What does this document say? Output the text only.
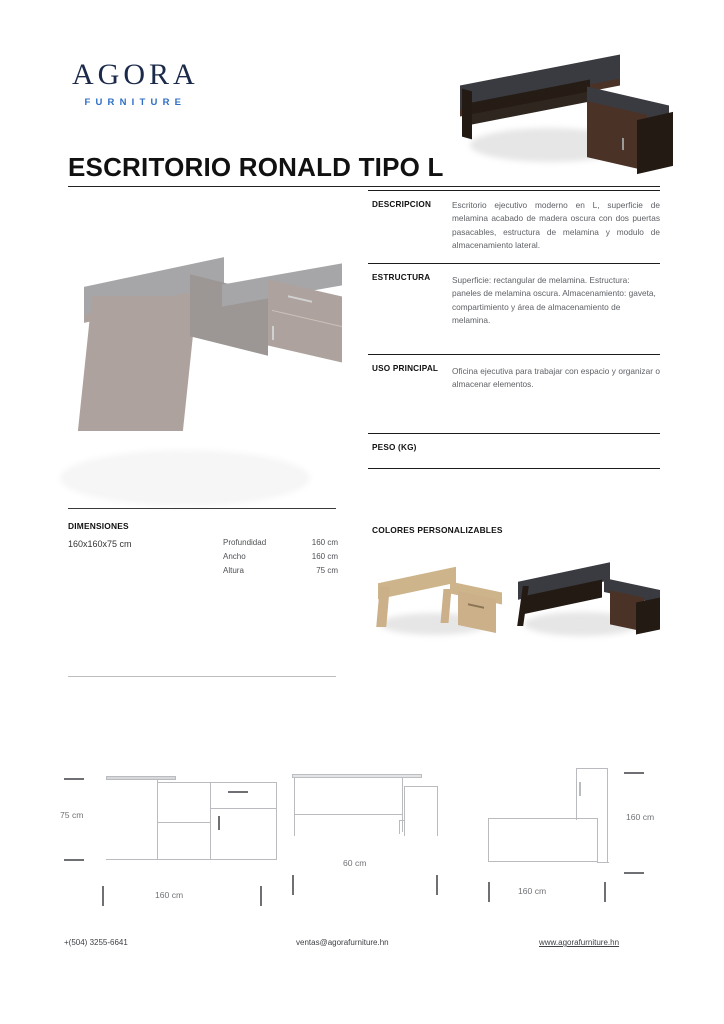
AGORA
FURNITURE
ESCRITORIO RONALD TIPO L
DESCRIPCION	Escritorio ejecutivo moderno en L, superficie de melamina acabado de madera oscura con dos puertas pasacables, estructura de melamina y modulo de almacenamiento lateral.
ESTRUCTURA	Superficie: rectangular de melamina. Estructura: paneles de melamina oscura. Almacenamiento: gaveta, compartimiento y área de almacenamiento de melamina.
USO PRINCIPAL	Oficina ejecutiva para trabajar con espacio y organizar o almacenar elementos.
PESO (KG)
DIMENSIONES
160x160x75 cm	Profundidad	160 cm
Ancho	160 cm
Altura	75 cm
COLORES PERSONALIZABLES
75 cm
160 cm
60 cm
160 cm
160 cm
+(504) 3255-6641	ventas@agorafurniture.hn	www.agorafurniture.hn
